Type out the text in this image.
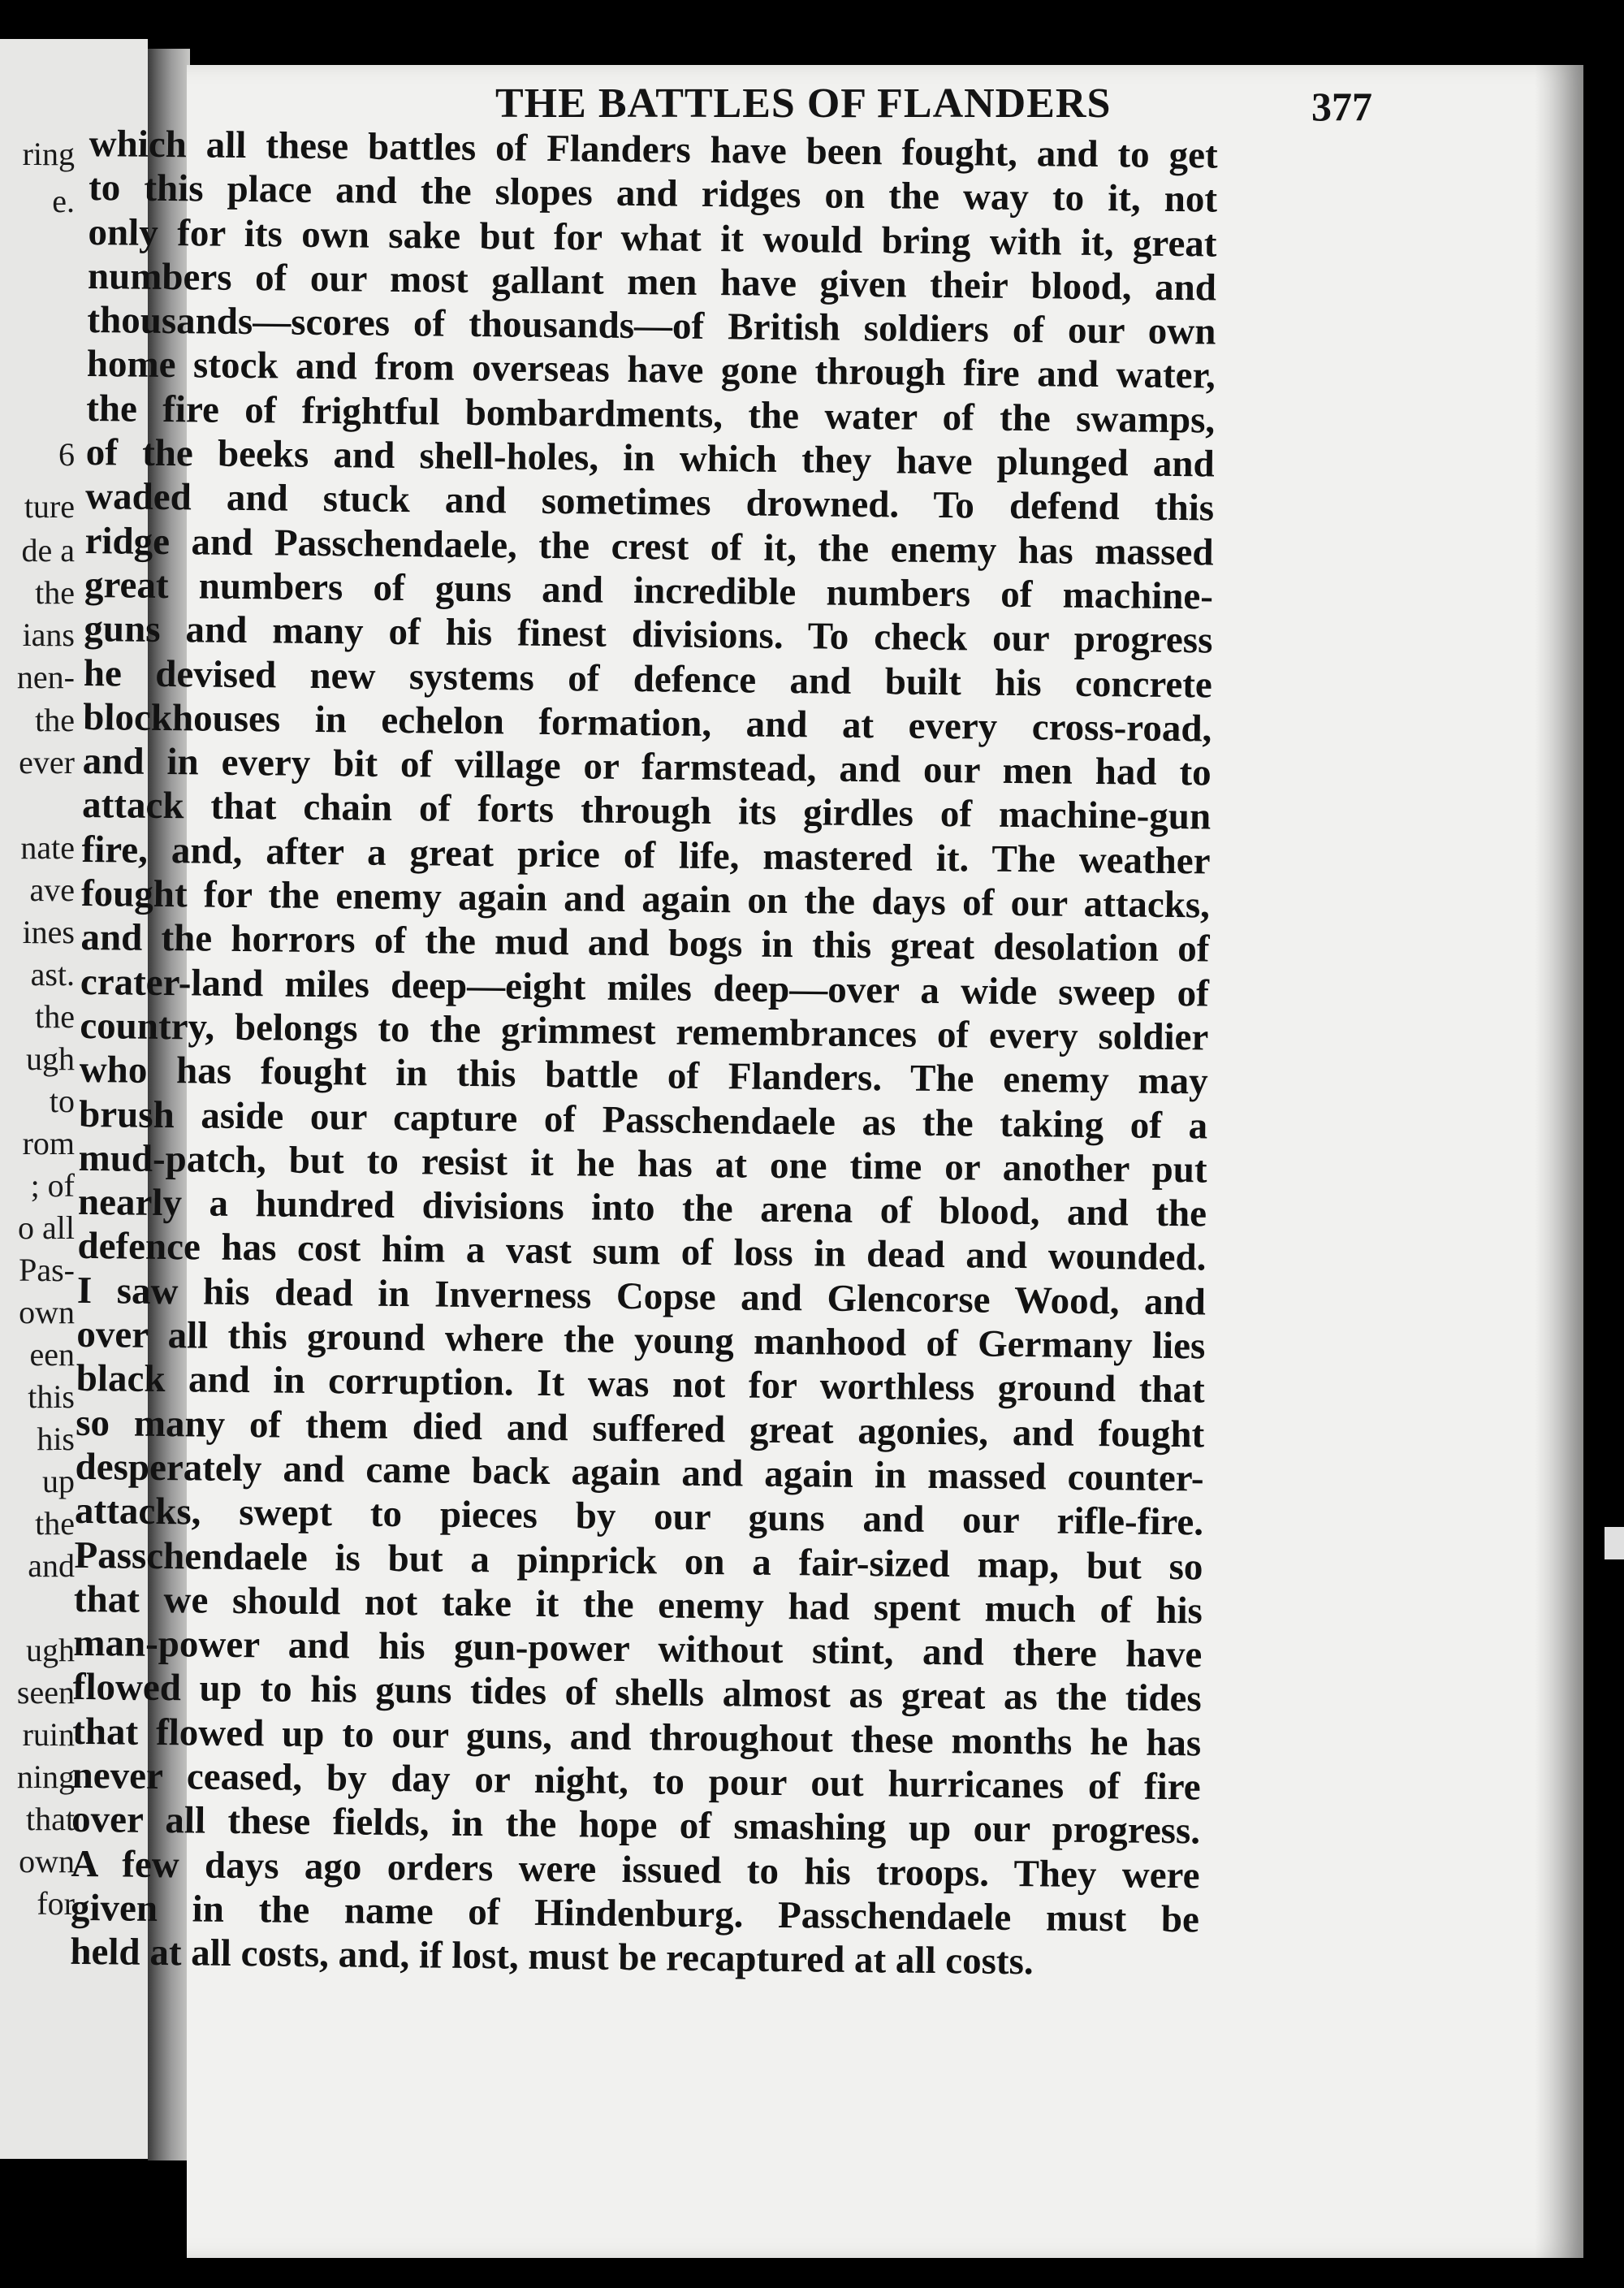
ring
e.
6
ture
de a
the
ians
nen-
the
ever
nate
ave
ines
ast.
the
ugh
to
rom
; of
o all
Pas-
own
een
this
his
up
the
and
ugh
seen
ruin
ning
that
own
for
THE BATTLES OF FLANDERS	377
which all these battles of Flanders have been fought, and to get
to this place and the slopes and ridges on the way to it, not
only for its own sake but for what it would bring with it, great
numbers of our most gallant men have given their blood, and
thousands—scores of thousands—of British soldiers of our own
home stock and from overseas have gone through fire and water,
the fire of frightful bombardments, the water of the swamps,
of the beeks and shell-holes, in which they have plunged and
waded and stuck and sometimes drowned. To defend this
ridge and Passchendaele, the crest of it, the enemy has massed
great numbers of guns and incredible numbers of machine-
guns and many of his finest divisions. To check our progress
he devised new systems of defence and built his concrete
blockhouses in echelon formation, and at every cross-road,
and in every bit of village or farmstead, and our men had to
attack that chain of forts through its girdles of machine-gun
fire, and, after a great price of life, mastered it. The weather
fought for the enemy again and again on the days of our attacks,
and the horrors of the mud and bogs in this great desolation of
crater-land miles deep—eight miles deep—over a wide sweep of
country, belongs to the grimmest remembrances of every soldier
who has fought in this battle of Flanders. The enemy may
brush aside our capture of Passchendaele as the taking of a
mud-patch, but to resist it he has at one time or another put
nearly a hundred divisions into the arena of blood, and the
defence has cost him a vast sum of loss in dead and wounded.
I saw his dead in Inverness Copse and Glencorse Wood, and
over all this ground where the young manhood of Germany lies
black and in corruption. It was not for worthless ground that
so many of them died and suffered great agonies, and fought
desperately and came back again and again in massed counter-
attacks, swept to pieces by our guns and our rifle-fire.
Passchendaele is but a pinprick on a fair-sized map, but so
that we should not take it the enemy had spent much of his
man-power and his gun-power without stint, and there have
flowed up to his guns tides of shells almost as great as the tides
that flowed up to our guns, and throughout these months he has
never ceased, by day or night, to pour out hurricanes of fire
over all these fields, in the hope of smashing up our progress.
A few days ago orders were issued to his troops. They were
given in the name of Hindenburg. Passchendaele must be
held at all costs, and, if lost, must be recaptured at all costs.
